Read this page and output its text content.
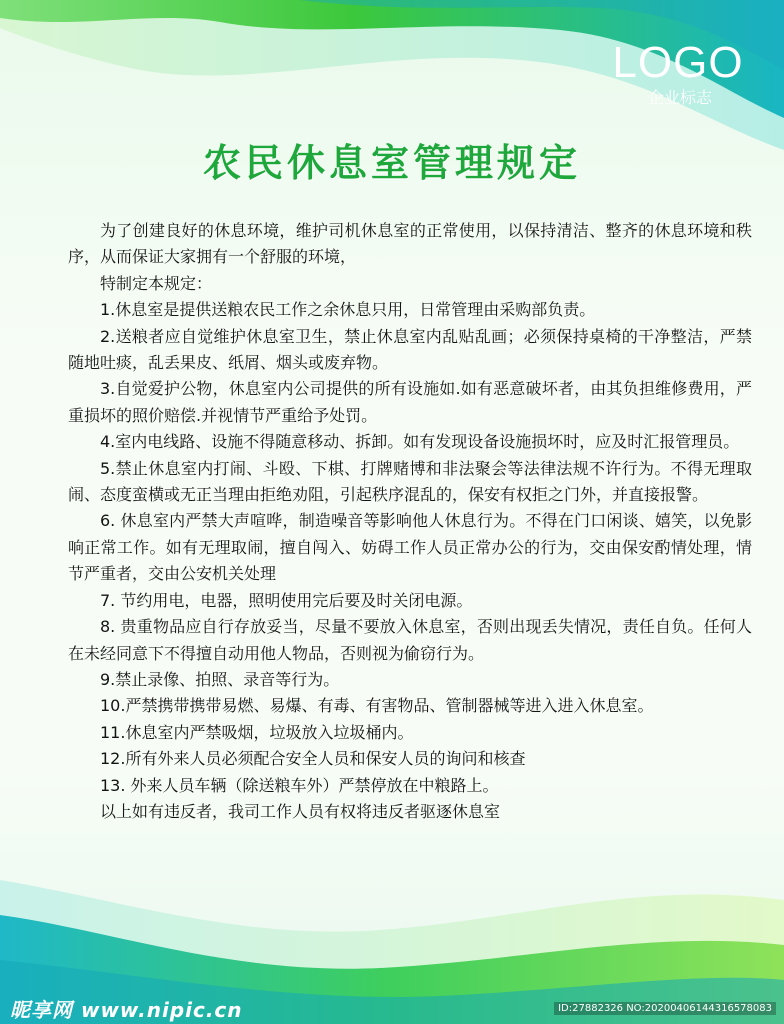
LOGO
企业标志
农民休息室管理规定

为了创建良好的休息环境，维护司机休息室的正常使用，以保持清洁、整齐的休息环境和秩序，从而保证大家拥有一个舒服的环境，

特制定本规定：

1.休息室是提供送粮农民工作之余休息只用，日常管理由采购部负责。

2.送粮者应自觉维护休息室卫生，禁止休息室内乱贴乱画；必须保持桌椅的干净整洁，严禁随地吐痰，乱丢果皮、纸屑、烟头或废弃物。

3.自觉爱护公物，休息室内公司提供的所有设施如.如有恶意破坏者，由其负担维修费用，严重损坏的照价赔偿.并视情节严重给予处罚。

4.室内电线路、设施不得随意移动、拆卸。如有发现设备设施损坏时，应及时汇报管理员。

5.禁止休息室内打闹、斗殴、下棋、打牌赌博和非法聚会等法律法规不许行为。不得无理取闹、态度蛮横或无正当理由拒绝劝阻，引起秩序混乱的，保安有权拒之门外，并直接报警。

6. 休息室内严禁大声喧哗，制造噪音等影响他人休息行为。不得在门口闲谈、嬉笑，以免影响正常工作。如有无理取闹，擅自闯入、妨碍工作人员正常办公的行为，交由保安酌情处理，情节严重者，交由公安机关处理

7. 节约用电，电器，照明使用完后要及时关闭电源。

8. 贵重物品应自行存放妥当，尽量不要放入休息室，否则出现丢失情况，责任自负。任何人在未经同意下不得擅自动用他人物品，否则视为偷窃行为。

9.禁止录像、拍照、录音等行为。

10.严禁携带携带易燃、易爆、有毒、有害物品、管制器械等进入进入休息室。

11.休息室内严禁吸烟，垃圾放入垃圾桶内。

12.所有外来人员必须配合安全人员和保安人员的询问和核查

13. 外来人员车辆（除送粮车外）严禁停放在中粮路上。

以上如有违反者，我司工作人员有权将违反者驱逐休息室

昵享网 www.nipic.cn	ID:27882326 NO:20200406144316578083
